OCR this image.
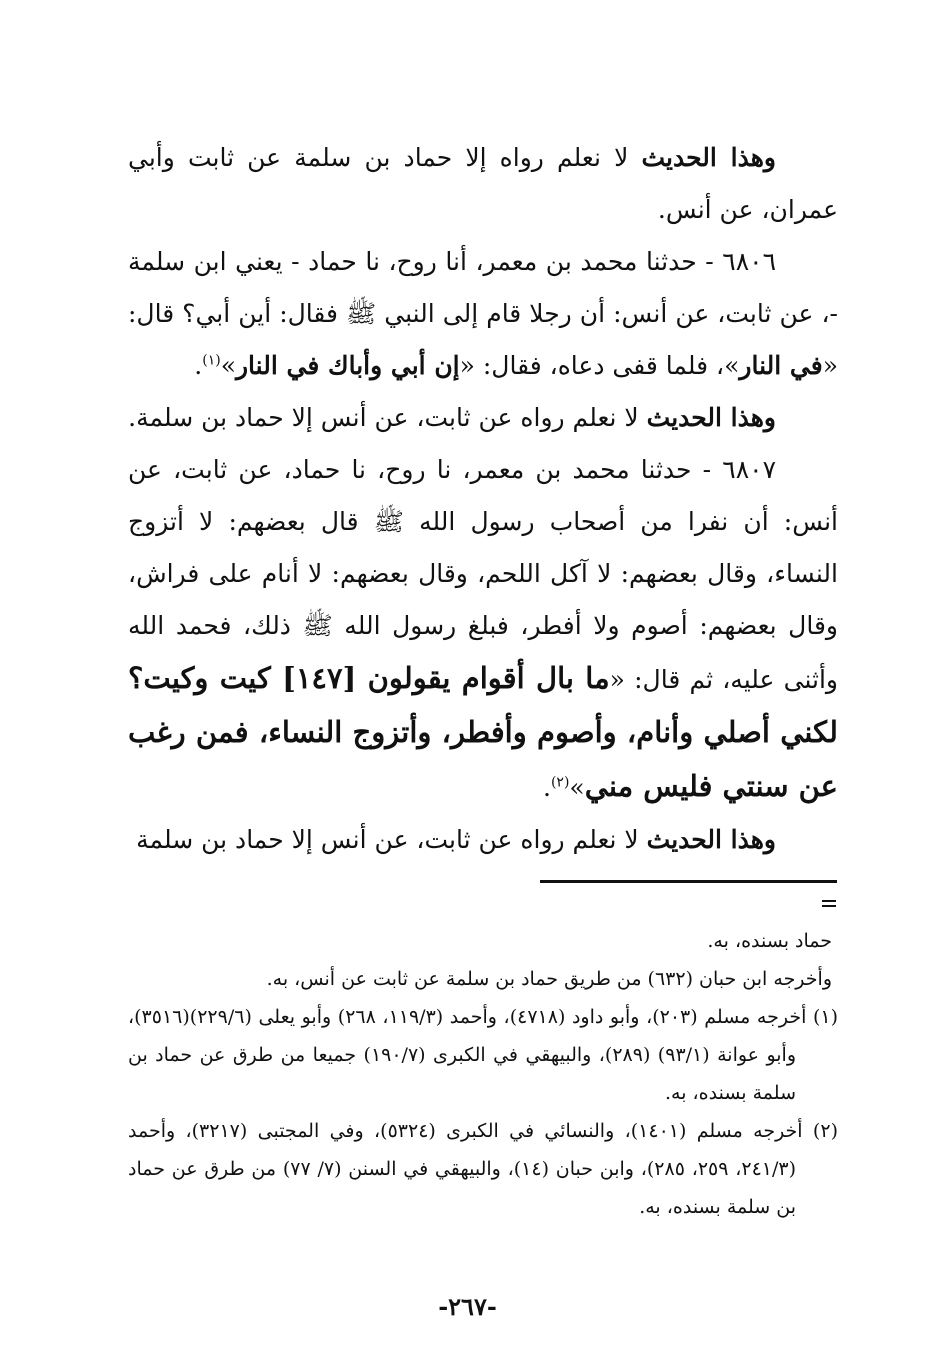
وهذا الحديث لا نعلم رواه إلا حماد بن سلمة عن ثابت وأبي عمران، عن أنس.

٦٨٠٦ - حدثنا محمد بن معمر، أنا روح، نا حماد - يعني ابن سلمة -، عن ثابت، عن أنس: أن رجلا قام إلى النبي ﷺ فقال: أين أبي؟ قال: «في النار»، فلما قفى دعاه، فقال: «إن أبي وأباك في النار»$^{(١)}$.

وهذا الحديث لا نعلم رواه عن ثابت، عن أنس إلا حماد بن سلمة.

٦٨٠٧ - حدثنا محمد بن معمر، نا روح، نا حماد، عن ثابت، عن أنس: أن نفرا من أصحاب رسول الله ﷺ قال بعضهم: لا أتزوج النساء، وقال بعضهم: لا آكل اللحم، وقال بعضهم: لا أنام على فراش، وقال بعضهم: أصوم ولا أفطر، فبلغ رسول الله ﷺ ذلك، فحمد الله وأثنى عليه، ثم قال: «ما بال أقوام يقولون [١٤٧] كيت وكيت؟ لكني أصلي وأنام، وأصوم وأفطر، وأتزوج النساء، فمن رغب عن سنتي فليس مني»$^{(٢)}$.

وهذا الحديث لا نعلم رواه عن ثابت، عن أنس إلا حماد بن سلمة

حماد بسنده، به.

وأخرجه ابن حبان (٦٣٢) من طريق حماد بن سلمة عن ثابت عن أنس، به.

(١) أخرجه مسلم (٢٠٣)، وأبو داود (٤٧١٨)، وأحمد (١١٩/٣، ٢٦٨) وأبو يعلى (٢٢٩/٦)(٣٥١٦)، وأبو عوانة (٩٣/١) (٢٨٩)، والبيهقي في الكبرى (١٩٠/٧) جميعا من طرق عن حماد بن سلمة بسنده، به.

(٢) أخرجه مسلم (١٤٠١)، والنسائي في الكبرى (٥٣٢٤)، وفي المجتبى (٣٢١٧)، وأحمد (٢٤١/٣، ٢٥٩، ٢٨٥)، وابن حبان (١٤)، والبيهقي في السنن (٧/ ٧٧) من طرق عن حماد بن سلمة بسنده، به.

-٢٦٧-
